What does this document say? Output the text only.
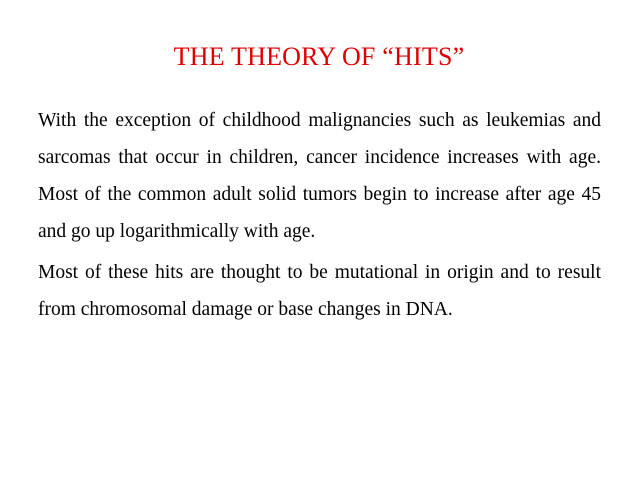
THE THEORY OF “HITS”

With the exception of childhood malignancies such as leukemias and sarcomas that occur in children, cancer incidence increases with age. Most of the common adult solid tumors begin to increase after age 45 and go up logarithmically with age.

Most of these hits are thought to be mutational in origin and to result from chromosomal damage or base changes in DNA.
